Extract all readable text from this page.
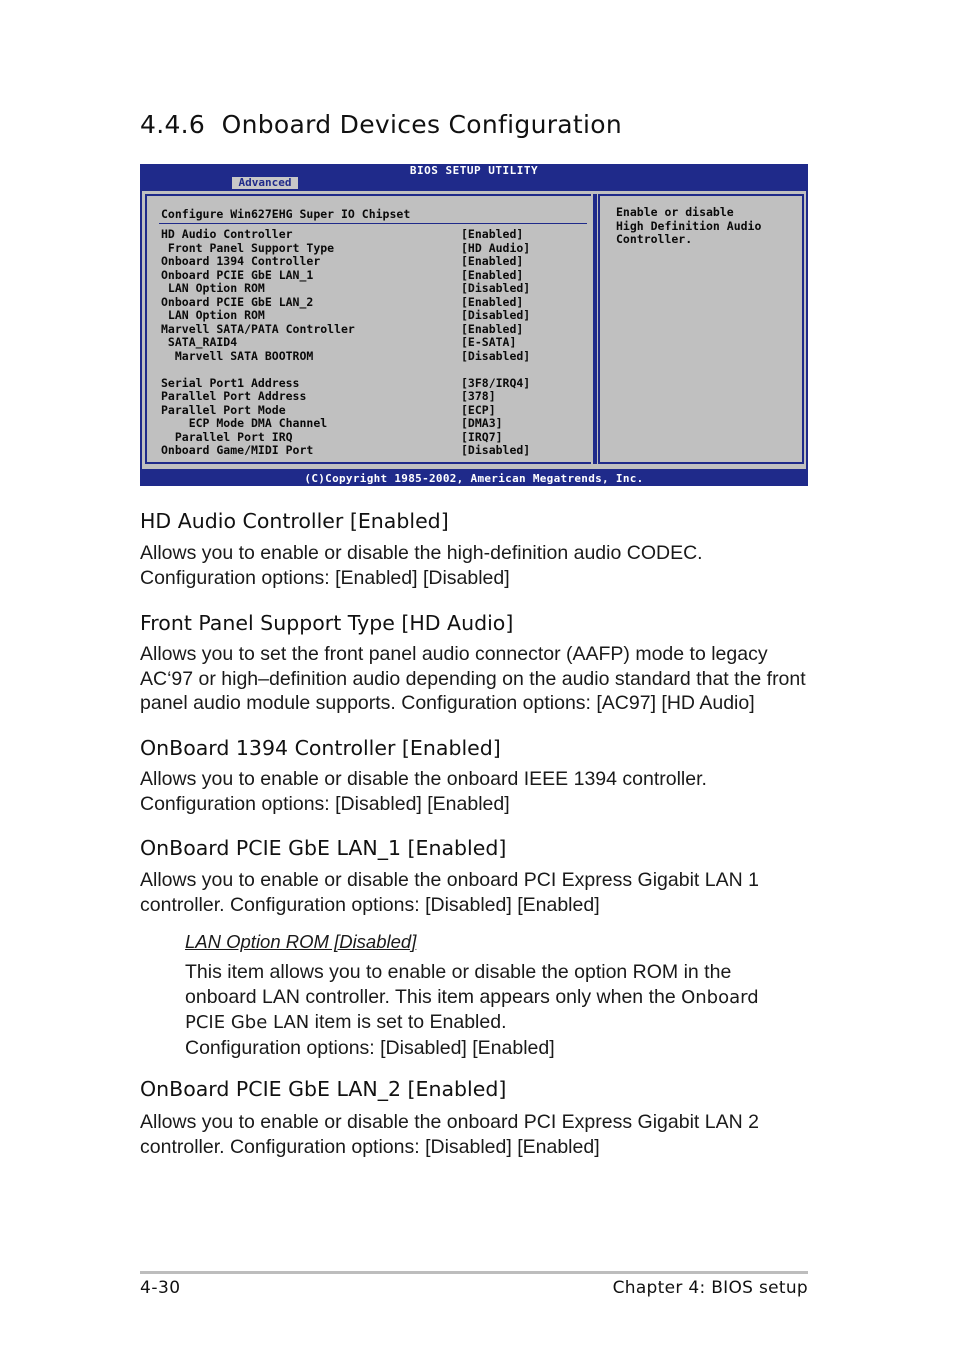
4.4.6 Onboard Devices Configuration
BIOS SETUP UTILITY
Advanced
Configure Win627EHG Super IO Chipset
HD Audio Controller	[Enabled]
Front Panel Support Type	[HD Audio]
Onboard 1394 Controller	[Enabled]
Onboard PCIE GbE LAN_1	[Enabled]
LAN Option ROM	[Disabled]
Onboard PCIE GbE LAN_2	[Enabled]
LAN Option ROM	[Disabled]
Marvell SATA/PATA Controller	[Enabled]
SATA_RAID4	[E-SATA]
Marvell SATA BOOTROM	[Disabled]
Serial Port1 Address	[3F8/IRQ4]
Parallel Port Address	[378]
Parallel Port Mode	[ECP]
ECP Mode DMA Channel	[DMA3]
Parallel Port IRQ	[IRQ7]
Onboard Game/MIDI Port	[Disabled]
Enable or disable
High Definition Audio
Controller.
(C)Copyright 1985-2002, American Megatrends, Inc.
HD Audio Controller [Enabled]
Allows you to enable or disable the high-definition audio CODEC.
Configuration options: [Enabled] [Disabled]
Front Panel Support Type [HD Audio]
Allows you to set the front panel audio connector (AAFP) mode to legacy
AC‘97 or high–definition audio depending on the audio standard that the front
panel audio module supports. Configuration options: [AC97] [HD Audio]
OnBoard 1394 Controller [Enabled]
Allows you to enable or disable the onboard IEEE 1394 controller.
Configuration options: [Disabled] [Enabled]
OnBoard PCIE GbE LAN_1 [Enabled]
Allows you to enable or disable the onboard PCI Express Gigabit LAN 1
controller. Configuration options: [Disabled] [Enabled]
LAN Option ROM [Disabled]
This item allows you to enable or disable the option ROM in the
onboard LAN controller. This item appears only when the Onboard
PCIE Gbe LAN item is set to Enabled.
Configuration options: [Disabled] [Enabled]
OnBoard PCIE GbE LAN_2 [Enabled]
Allows you to enable or disable the onboard PCI Express Gigabit LAN 2
controller. Configuration options: [Disabled] [Enabled]
4-30	Chapter 4: BIOS setup
